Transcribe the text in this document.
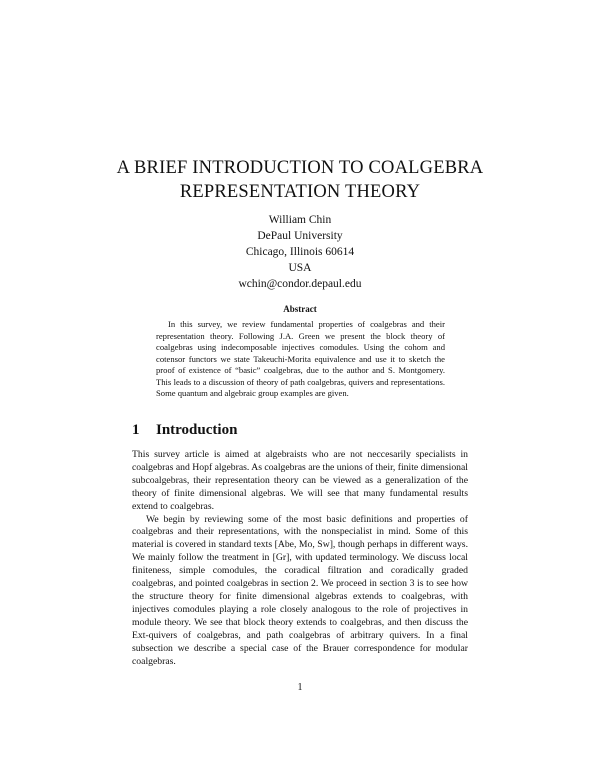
A BRIEF INTRODUCTION TO COALGEBRA
REPRESENTATION THEORY
William Chin
DePaul University
Chicago, Illinois 60614
USA
wchin@condor.depaul.edu
Abstract

In this survey, we review fundamental properties of coalgebras and their representation theory. Following J.A. Green we present the block theory of coalgebras using indecomposable injectives comodules. Using the cohom and cotensor functors we state Takeuchi-Morita equivalence and use it to sketch the proof of existence of “basic” coalgebras, due to the author and S. Montgomery. This leads to a discussion of theory of path coalgebras, quivers and representations. Some quantum and algebraic group examples are given.

1 Introduction

This survey article is aimed at algebraists who are not neccesarily specialists in coalgebras and Hopf algebras. As coalgebras are the unions of their, finite dimensional subcoalgebras, their representation theory can be viewed as a generalization of the theory of finite dimensional algebras. We will see that many fundamental results extend to coalgebras.

We begin by reviewing some of the most basic definitions and properties of coalgebras and their representations, with the nonspecialist in mind. Some of this material is covered in standard texts [Abe, Mo, Sw], though perhaps in different ways. We mainly follow the treatment in [Gr], with updated terminology. We discuss local finiteness, simple comodules, the coradical filtration and coradically graded coalgebras, and pointed coalgebras in section 2. We proceed in section 3 is to see how the structure theory for finite dimensional algebras extends to coalgebras, with injectives comodules playing a role closely analogous to the role of projectives in module theory. We see that block theory extends to coalgebras, and then discuss the Ext-quivers of coalgebras, and path coalgebras of arbitrary quivers. In a final subsection we describe a special case of the Brauer correspondence for modular coalgebras.

1
